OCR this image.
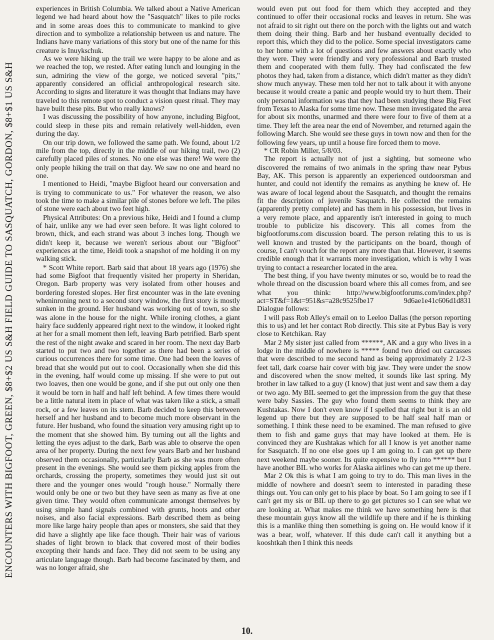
ENCOUNTERS WITH BIGFOOT, GREEN, $8+$2 US S&H FIELD GUIDE TO SASQUATCH, GORDON, $8+$1 US S&H

experiences in British Columbia. We talked about a Native American legend we had heard about how the "Sasquatch" likes to pile rocks and in some areas does this to communicate to mankind to give direction and to symbolize a relationship between us and nature. The Indians have many variations of this story but one of the name for this creature is Inuykschuk.

As we were hiking up the trail we were happy to be alone and as we reached the top, we rested. After eating lunch and lounging in the sun, admiring the view of the gorge, we noticed several "pits," apparently considered an official anthropological research site. According to signs and literature it was thought that Indians may have traveled to this remote spot to conduct a vision quest ritual. They may have built these pits. But who really knows?

I was discussing the possibility of how anyone, including Bigfoot, could sleep in these pits and remain relatively well-hidden, even during the day.

On our trip down, we followed the same path. We found, about 1/2 mile from the top, directly in the middle of our hiking trail, two (2) carefully placed piles of stones. No one else was there! We were the only people hiking the trail on that day. We saw no one and heard no one.

I mentioned to Heidi, "maybe Bigfoot heard our conversation and is trying to communicate to us." For whatever the reason, we also took the time to make a similar pile of stones before we left. The piles of stone were each about two feet high.

Physical Attributes: On a previous hike, Heidi and I found a clump of hair, unlike any we had ever seen before. It was light colored to brown, thick, and each strand was about 3 inches long. Though we didn't keep it, because we weren't serious about our "Bigfoot" experiences at the time, Heidi took a snapshot of me holding it on my walking stick.

* Scott White report. Barb said that about 18 years ago (1976) she had some Bigfoot that frequently visited her property in Sheridan, Oregon. Barb property was very isolated from other houses and bordering forested slopes. Her first encounter was in the late evening wheninroning next to a second story window, the first story is mostly sunken in the ground. Her husband was working out of town, so she was alone in the house for the night. While ironing clothes, a giant hairy face suddenly appeared right next to the window, it looked right at her for a small moment then left, leaving Barb petrified. Barb spent the rest of the night awake and scared in her room. The next day Barb started to put two and two together as there had been a series of curious occurrences there for some time. One had been the loaves of bread that she would put out to cool. Occasionally when she did this in the evening, half would come up missing. If she were to put out two loaves, then one would be gone, and if she put out only one then it would be torn in half and half left behind. A few times there would be a little natural item in place of what was taken like a stick, a small rock, or a few leaves on its stem. Barb decided to keep this between herself and her husband and to become much more observant in the future. Her husband, who found the situation very amusing right up to the moment that she showed him. By turning out all the lights and letting the eyes adjust to the dark, Barb was able to observe the open area of her property. During the next few years Barb and her husband observed them occasionally, particularly Barb as she was more often present in the evenings. She would see them picking apples from the orchards, crossing the property, sometimes they would just sit out there and the younger ones would "rough house." Normally there would only be one or two but they have seen as many as five at one given time. They would often communicate amongst themselves by using simple hand signals combined with grunts, hoots and other noises, and also facial expressions. Barb described them as being more like large hairy people than apes or monsters, she said that they did have a slightly ape like face though. Their hair was of various shades of light brown to black that covered most of their bodies excepting their hands and face. They did not seem to be using any articulate language though. Barb had become fascinated by them, and was no longer afraid, she

would even put out food for them which they accepted and they continued to offer their occasional rocks and leaves in return. She was not afraid to sit right out there on the porch with the lights out and watch them doing their thing. Barb and her husband eventually decided to report this, which they did to the police. Some special investigators came to her home with a lot of questions and few answers about exactly who they were. They were friendly and very professional and Barb trusted them and cooperated with them fully. They had confiscated the few photos they had, taken from a distance, which didn't matter as they didn't show much anyway. These men told her not to talk about it with anyone because it would create a panic and people would try to hurt them. Their only personal information was that they had been studying these Big Feet from Texas to Alaska for some time now. These men investigated the area for about six months, unarmed and there were four to five of them at a time. They left the area near the end of November, and returned again the following March. She would see these guys in town now and then for the following few years, up until a house fire forced them to move.

* CR Robin Miller, 5/8/03.

The report is actually not of just a sighting, but someone who discovered the remains of two animals in the spring thaw near Pybus Bay, AK. This person is apparently an experienced outdoorsman and hunter, and could not identify the remains as anything he knew of. He was aware of local legend about the Sasquatch, and thought the remains fit the description of juvenile Sasquatch. He collected the remains (apparently pretty complete) and has them in his possession, but lives in a very remote place, and apparently isn't interested in going to much trouble to publicize his discovery. This all comes from the bigfootforums.com discussion board. The person relating this to us is well known and trusted by the participants on the board, though of course, I can't vouch for the report any more than that. However, it seems credible enough that it warrants more investigation, which is why I was trying to contact a researcher located in the area.

The best thing, if you have twenty minutes or so, would be to read the whole thread on the discussion board where this all comes from, and see what you think: http://www.bigfootforums.com/index.php?act=ST&f=1&t=951&s=a28c9525fbe17 9d6ae1e41c606d1d831 Dialogue follows:

I will pass Rob Alley's email on to Leeloo Dallas (the person reporting this to us) and let her contact Rob directly. This site at Pybus Bay is very close to Ketchikan. Ray

Mar 2 My sister just called from ******, AK and a guy who lives in a lodge in the middle of nowhere is ***** found two dried out carcasses that were described to me second hand as being approximately 2 1/2-3 feet tall, dark coarse hair cover with big jaw. They were under the snow and discovered when the snow melted, it sounds like last spring. My brother in law talked to a guy (I know) that just went and saw them a day or two ago. My BIL seemed to get the impression from the guy that these were baby Sassies. The guy who found them seems to think they are Kushtakas. Now I don't even know if I spelled that right but it is an old legend up there but they are supposed to be half seal half man or something. I think these need to be examined. The man refused to give them to fish and game guys that may have looked at them. He is convinced they are Kushtakas which for all I know is yet another name for Sasquatch. If no one else goes up I am going to. I can get up there next weekend maybe sooner. Its quite expensive to fly into ****** but I have another BIL who works for Alaska airlines who can get me up there.

Mar 2 Ok this is what I am going to try to do. This man lives in the middle of nowhere and doesn't seem to interested in parading these things out. You can only get to his place by boat. So I am going to see if I can't get my sis or BIL up there to go get pictures so I can see what we are looking at. What makes me think we have something here is that these mountain guys know all the wildlife up there and if he is thinking this is a manlike thing then something is going on. He would know if it was a bear, wolf, whatever. If this dude can't call it anything but a kooshtkah then I think this needs

10.
